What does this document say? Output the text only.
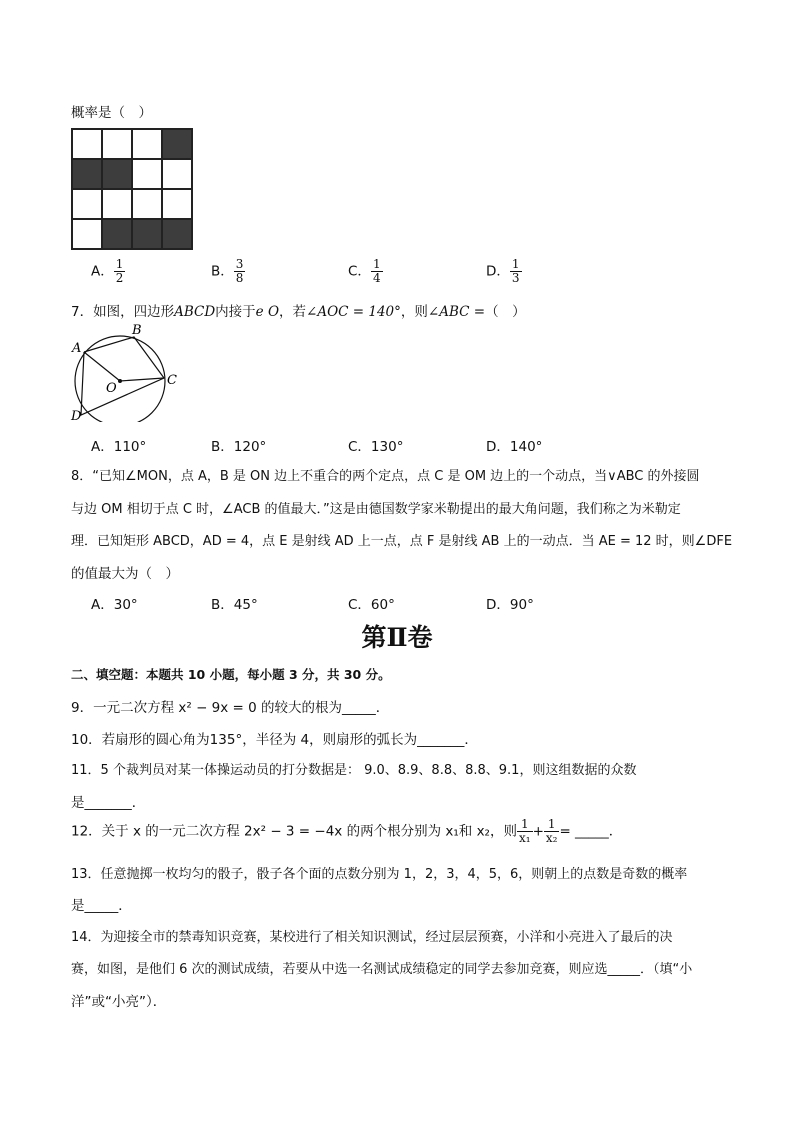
概率是（　）
A． $\frac{1}{2}$	B． $\frac{3}{8}$	C． $\frac{1}{4}$	D． $\frac{1}{3}$
7．如图，四边形ABCD内接于e O，若∠AOC = 140°，则∠ABC =（　）
A
B
C
D
O
A．110°	B．120°	C．130°	D．140°
8．“已知∠MON，点 A，B 是 ON 边上不重合的两个定点，点 C 是 OM 边上的一个动点，当∨ABC 的外接圆
与边 OM 相切于点 C 时，∠ACB 的值最大．”这是由德国数学家米勒提出的最大角问题，我们称之为米勒定
理．已知矩形 ABCD，AD = 4，点 E 是射线 AD 上一点，点 F 是射线 AB 上的一动点．当 AE = 12 时，则∠DFE
的值最大为（　）
A．30°	B．45°	C．60°	D．90°
第Ⅱ卷
二、填空题：本题共 10 小题，每小题 3 分，共 30 分。
9．一元二次方程 x² − 9x = 0 的较大的根为_____．
10．若扇形的圆心角为135°，半径为 4，则扇形的弧长为_______．
11．5 个裁判员对某一体操运动员的打分数据是： 9.0、8.9、8.8、8.8、9.1，则这组数据的众数
是_______．
12．关于 x 的一元二次方程 2x² − 3 = −4x 的两个根分别为 x₁和 x₂，则 $\frac{1}{\text{x₁}} + \frac{1}{\text{x₂}}$ = _____．
13．任意抛掷一枚均匀的骰子，骰子各个面的点数分别为 1，2，3，4，5，6，则朝上的点数是奇数的概率
是_____．
14．为迎接全市的禁毒知识竞赛，某校进行了相关知识测试，经过层层预赛，小洋和小亮进入了最后的决
赛，如图，是他们 6 次的测试成绩，若要从中选一名测试成绩稳定的同学去参加竞赛，则应选_____．（填“小
洋”或“小亮”）．
